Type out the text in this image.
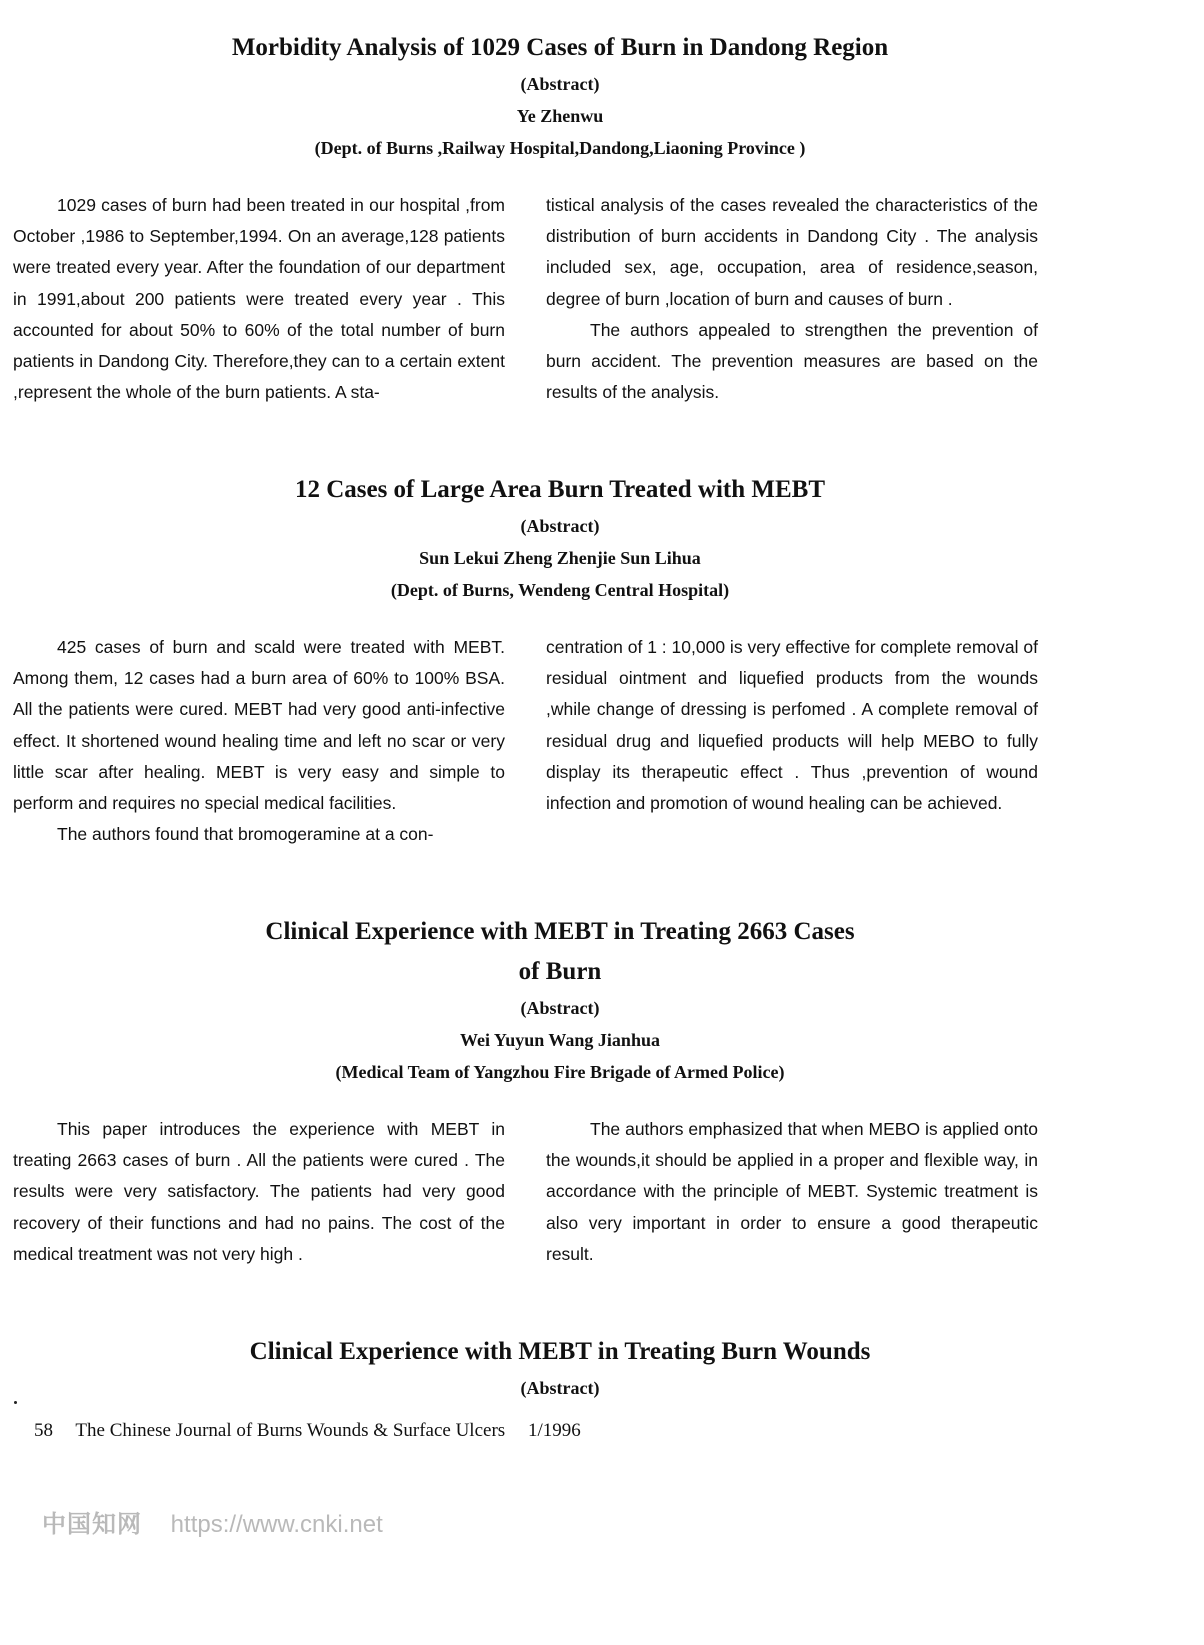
Morbidity Analysis of 1029 Cases of Burn in Dandong Region
(Abstract)
Ye Zhenwu
(Dept. of Burns ,Railway Hospital,Dandong,Liaoning Province )

1029 cases of burn had been treated in our hospital ,from October ,1986 to September,1994. On an average,128 patients were treated every year. After the foundation of our department in 1991,about 200 patients were treated every year . This accounted for about 50% to 60% of the total number of burn patients in Dandong City. Therefore,they can to a certain extent ,represent the whole of the burn patients. A sta-

tistical analysis of the cases revealed the characteristics of the distribution of burn accidents in Dandong City . The analysis included sex, age, occupation, area of residence,season, degree of burn ,location of burn and causes of burn .

The authors appealed to strengthen the prevention of burn accident. The prevention measures are based on the results of the analysis.

12 Cases of Large Area Burn Treated with MEBT
(Abstract)
Sun Lekui Zheng Zhenjie Sun Lihua
(Dept. of Burns, Wendeng Central Hospital)

425 cases of burn and scald were treated with MEBT. Among them, 12 cases had a burn area of 60% to 100% BSA. All the patients were cured. MEBT had very good anti-infective effect. It shortened wound healing time and left no scar or very little scar after healing. MEBT is very easy and simple to perform and requires no special medical facilities.

The authors found that bromogeramine at a con-

centration of 1 : 10,000 is very effective for complete removal of residual ointment and liquefied products from the wounds ,while change of dressing is perfomed . A complete removal of residual drug and liquefied products will help MEBO to fully display its therapeutic effect . Thus ,prevention of wound infection and promotion of wound healing can be achieved.

Clinical Experience with MEBT in Treating 2663 Cases
of Burn
(Abstract)
Wei Yuyun Wang Jianhua
(Medical Team of Yangzhou Fire Brigade of Armed Police)

This paper introduces the experience with MEBT in treating 2663 cases of burn . All the patients were cured . The results were very satisfactory. The patients had very good recovery of their functions and had no pains. The cost of the medical treatment was not very high .

The authors emphasized that when MEBO is applied onto the wounds,it should be applied in a proper and flexible way, in accordance with the principle of MEBT. Systemic treatment is also very important in order to ensure a good therapeutic result.

Clinical Experience with MEBT in Treating Burn Wounds
(Abstract)
58 The Chinese Journal of Burns Wounds & Surface Ulcers 1/1996
中国知网 https://www.cnki.net
